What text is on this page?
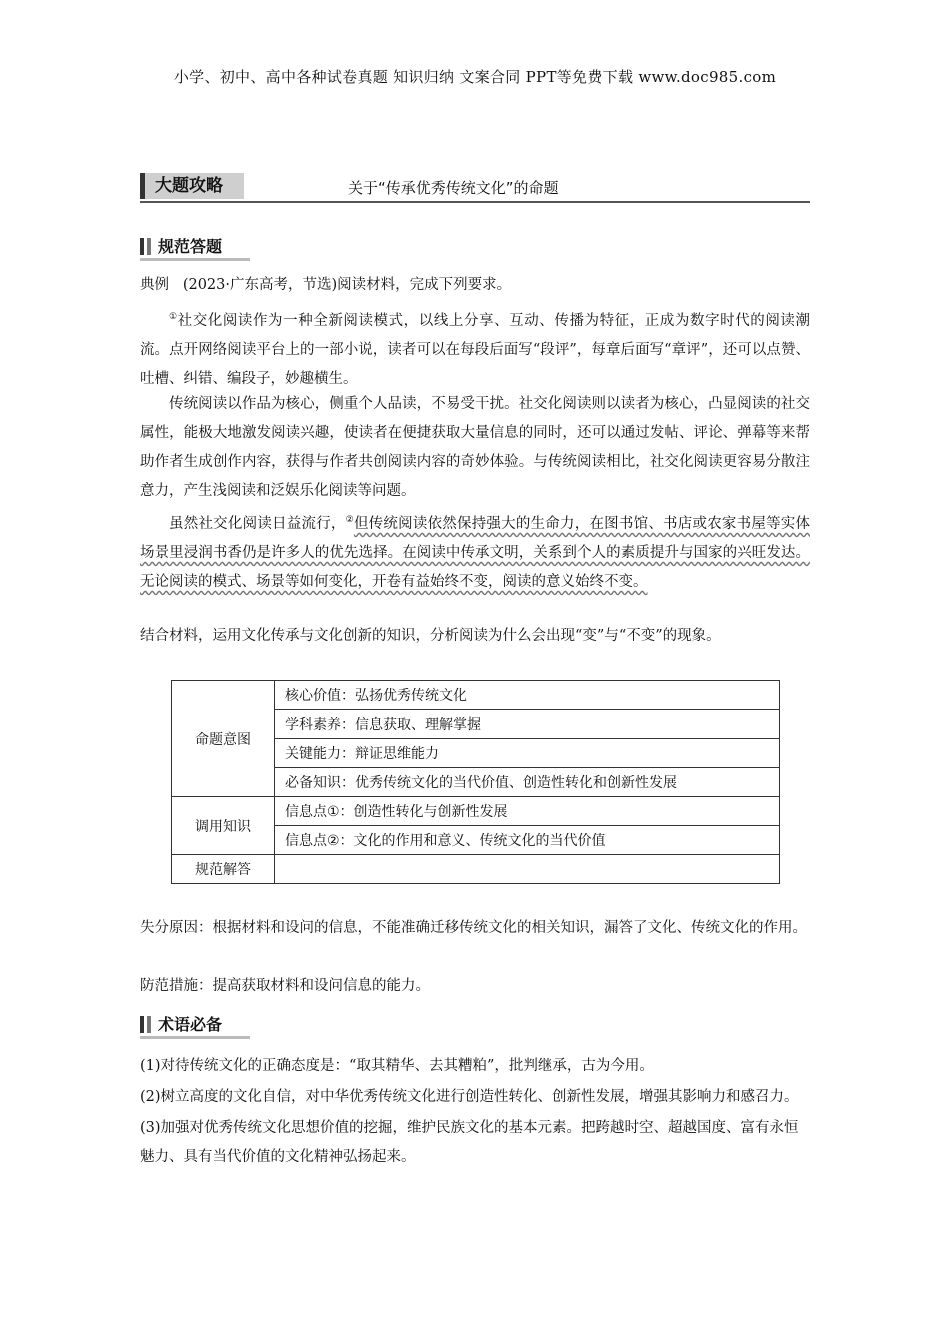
小学、初中、高中各种试卷真题 知识归纳 文案合同 PPT等免费下载 www.doc985.com
大题攻略	关于“传承优秀传统文化”的命题
规范答题
典例 (2023·广东高考，节选)阅读材料，完成下列要求。
①社交化阅读作为一种全新阅读模式，以线上分享、互动、传播为特征，正成为数字时代的阅读潮流。点开网络阅读平台上的一部小说，读者可以在每段后面写“段评”，每章后面写“章评”，还可以点赞、吐槽、纠错、编段子，妙趣横生。
传统阅读以作品为核心，侧重个人品读，不易受干扰。社交化阅读则以读者为核心，凸显阅读的社交属性，能极大地激发阅读兴趣，使读者在便捷获取大量信息的同时，还可以通过发帖、评论、弹幕等来帮助作者生成创作内容，获得与作者共创阅读内容的奇妙体验。与传统阅读相比，社交化阅读更容易分散注意力，产生浅阅读和泛娱乐化阅读等问题。
虽然社交化阅读日益流行，②但传统阅读依然保持强大的生命力，在图书馆、书店或农家书屋等实体场景里浸润书香仍是许多人的优先选择。在阅读中传承文明，关系到个人的素质提升与国家的兴旺发达。无论阅读的模式、场景等如何变化，开卷有益始终不变，阅读的意义始终不变。
结合材料，运用文化传承与文化创新的知识，分析阅读为什么会出现“变”与“不变”的现象。
命题意图	核心价值：弘扬优秀传统文化
	学科素养：信息获取、理解掌握
	关键能力：辩证思维能力
	必备知识：优秀传统文化的当代价值、创造性转化和创新性发展
调用知识	信息点①：创造性转化与创新性发展
	信息点②：文化的作用和意义、传统文化的当代价值
规范解答	
失分原因：根据材料和设问的信息，不能准确迁移传统文化的相关知识，漏答了文化、传统文化的作用。
防范措施：提高获取材料和设问信息的能力。
术语必备

(1)对待传统文化的正确态度是：“取其精华、去其糟粕”，批判继承，古为今用。

(2)树立高度的文化自信，对中华优秀传统文化进行创造性转化、创新性发展，增强其影响力和感召力。

(3)加强对优秀传统文化思想价值的挖掘，维护民族文化的基本元素。把跨越时空、超越国度、富有永恒魅力、具有当代价值的文化精神弘扬起来。
